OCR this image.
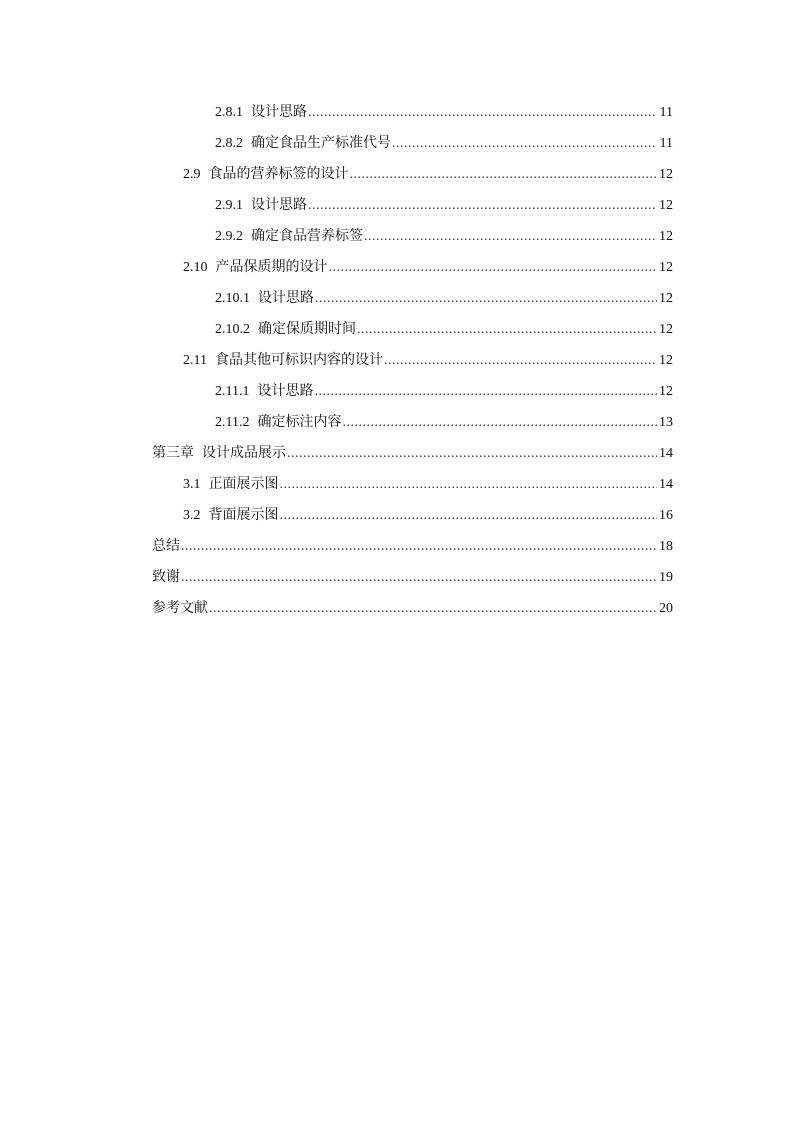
2.8.1 设计思路 .....	11
2.8.2 确定食品生产标准代号 .....	11
2.9 食品的营养标签的设计 .....	12
2.9.1 设计思路 .....	12
2.9.2 确定食品营养标签 .....	12
2.10 产品保质期的设计 .....	12
2.10.1 设计思路 .....	12
2.10.2 确定保质期时间 .....	12
2.11 食品其他可标识内容的设计 .....	12
2.11.1 设计思路 .....	12
2.11.2 确定标注内容 .....	13
第三章 设计成品展示 .....	14
3.1 正面展示图 .....	14
3.2 背面展示图 .....	16
总结 .....	18
致谢 .....	19
参考文献 .....	20
